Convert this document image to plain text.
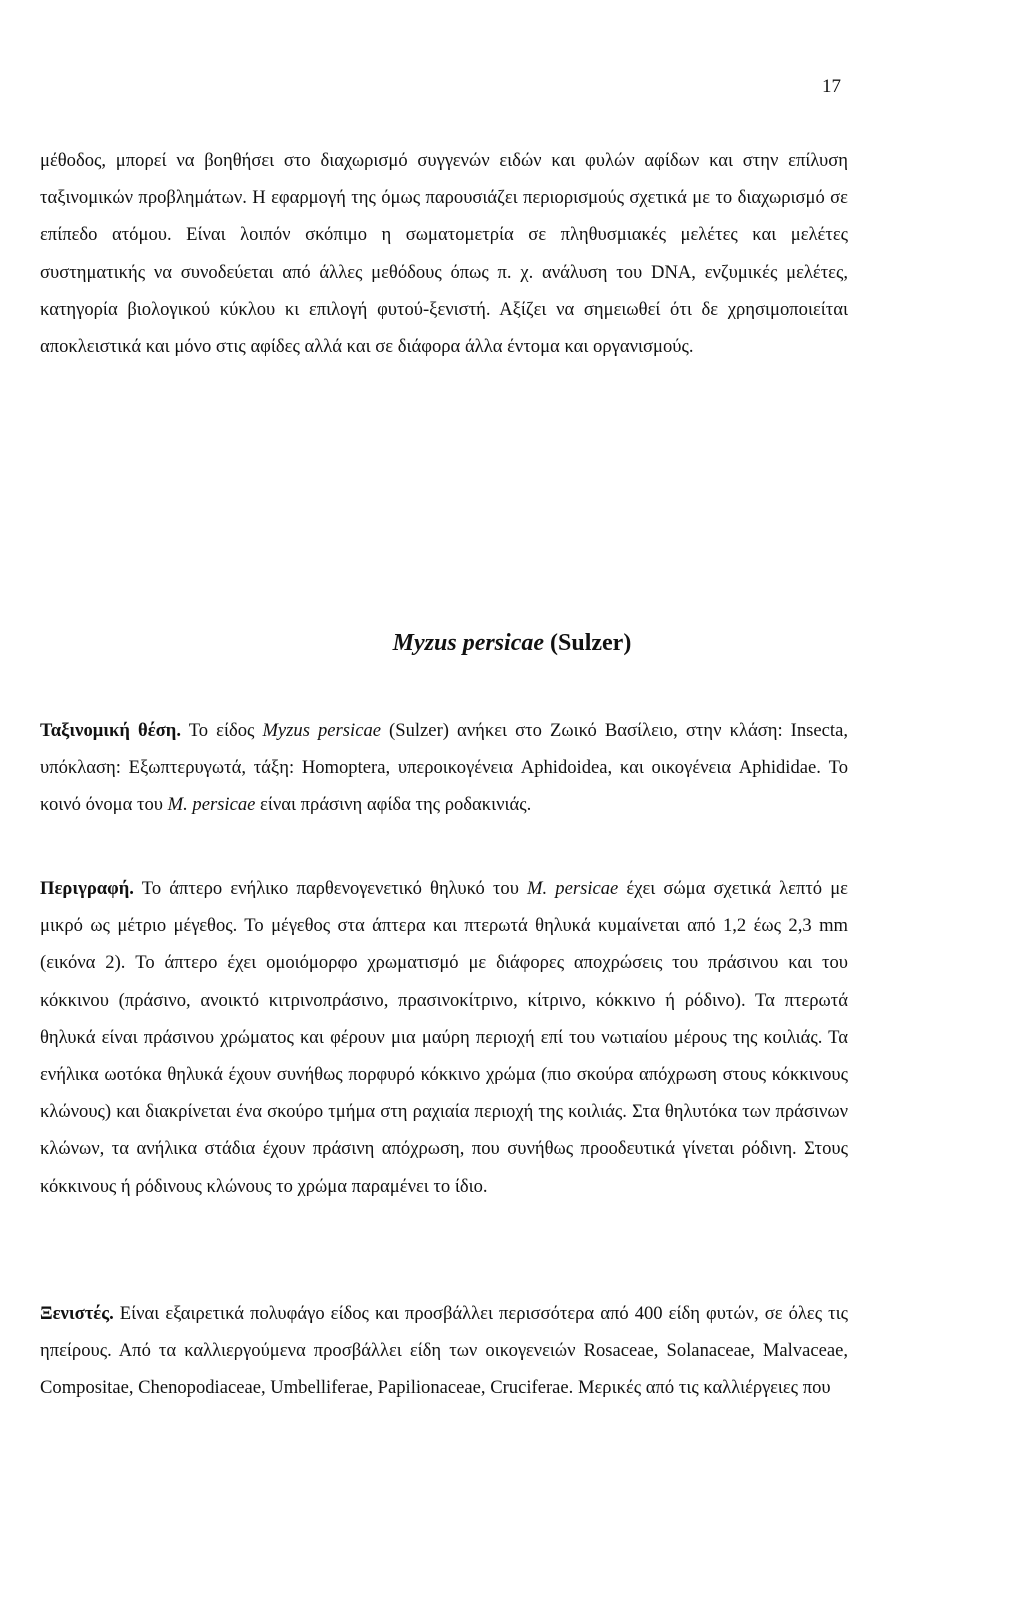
17

μέθοδος, μπορεί να βοηθήσει στο διαχωρισμό συγγενών ειδών και φυλών αφίδων και στην επίλυση ταξινομικών προβλημάτων. Η εφαρμογή της όμως παρουσιάζει περιορισμούς σχετικά με το διαχωρισμό σε επίπεδο ατόμου. Είναι λοιπόν σκόπιμο η σωματομετρία σε πληθυσμιακές μελέτες και μελέτες συστηματικής να συνοδεύεται από άλλες μεθόδους όπως π. χ. ανάλυση του DNA, ενζυμικές μελέτες, κατηγορία βιολογικού κύκλου κι επιλογή φυτού-ξενιστή. Αξίζει να σημειωθεί ότι δε χρησιμοποιείται αποκλειστικά και μόνο στις αφίδες αλλά και σε διάφορα άλλα έντομα και οργανισμούς.

Myzus persicae (Sulzer)

Ταξινομική θέση. Το είδος Myzus persicae (Sulzer) ανήκει στο Ζωικό Βασίλειο, στην κλάση: Insecta, υπόκλαση: Εξωπτερυγωτά, τάξη: Homoptera, υπεροικογένεια Aphidoidea, και οικογένεια Aphididae. Το κοινό όνομα του M. persicae είναι πράσινη αφίδα της ροδακινιάς.

Περιγραφή. Το άπτερο ενήλικο παρθενογενετικό θηλυκό του M. persicae έχει σώμα σχετικά λεπτό με μικρό ως μέτριο μέγεθος. Το μέγεθος στα άπτερα και πτερωτά θηλυκά κυμαίνεται από 1,2 έως 2,3 mm (εικόνα 2). Το άπτερο έχει ομοιόμορφο χρωματισμό με διάφορες αποχρώσεις του πράσινου και του κόκκινου (πράσινο, ανοικτό κιτρινοπράσινο, πρασινοκίτρινο, κίτρινο, κόκκινο ή ρόδινο). Τα πτερωτά θηλυκά είναι πράσινου χρώματος και φέρουν μια μαύρη περιοχή επί του νωτιαίου μέρους της κοιλιάς. Τα ενήλικα ωοτόκα θηλυκά έχουν συνήθως πορφυρό κόκκινο χρώμα (πιο σκούρα απόχρωση στους κόκκινους κλώνους) και διακρίνεται ένα σκούρο τμήμα στη ραχιαία περιοχή της κοιλιάς. Στα θηλυτόκα των πράσινων κλώνων, τα ανήλικα στάδια έχουν πράσινη απόχρωση, που συνήθως προοδευτικά γίνεται ρόδινη. Στους κόκκινους ή ρόδινους κλώνους το χρώμα παραμένει το ίδιο.

Ξενιστές. Είναι εξαιρετικά πολυφάγο είδος και προσβάλλει περισσότερα από 400 είδη φυτών, σε όλες τις ηπείρους. Από τα καλλιεργούμενα προσβάλλει είδη των οικογενειών Rosaceae, Solanaceae, Malvaceae, Compositae, Chenopodiaceae, Umbelliferae, Papilionaceae, Cruciferae. Μερικές από τις καλλιέργειες που
